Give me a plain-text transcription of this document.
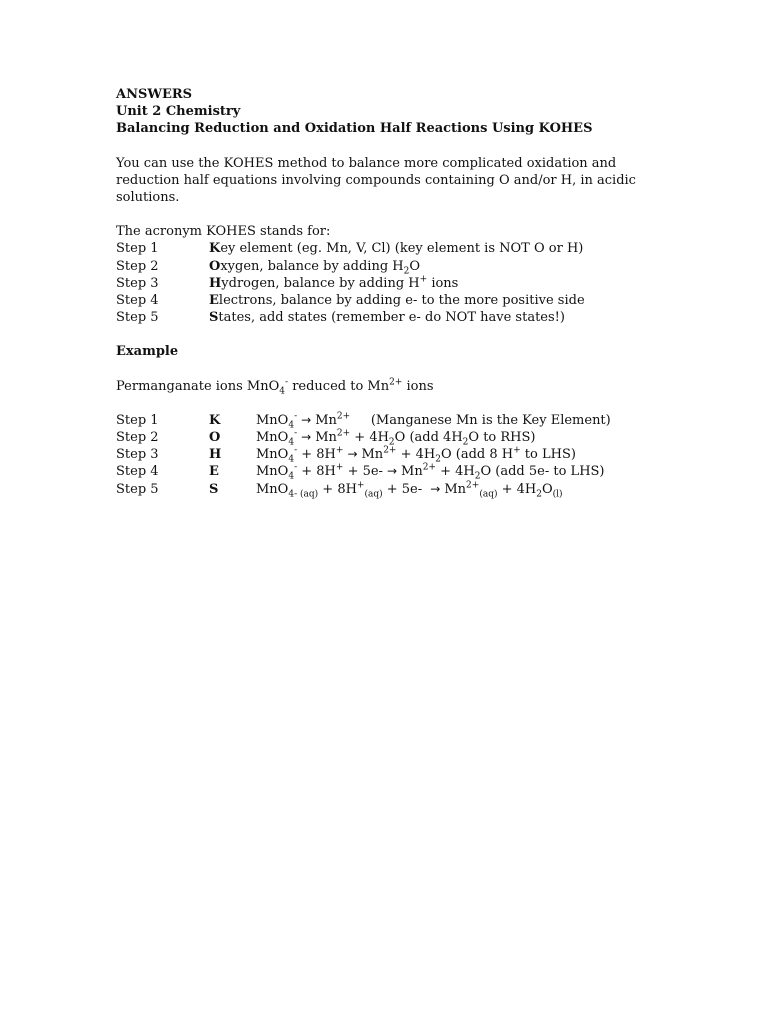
ANSWERS
Unit 2 Chemistry
Balancing Reduction and Oxidation Half Reactions Using KOHES
You can use the KOHES method to balance more complicated oxidation and
reduction half equations involving compounds containing O and/or H, in acidic
solutions.
The acronym KOHES stands for:
Step 1	Key element (eg. Mn, V, Cl) (key element is NOT O or H)
Step 2	Oxygen, balance by adding $H_2O$
Step 3	Hydrogen, balance by adding H+ ions
Step 4	Electrons, balance by adding e- to the more positive side
Step 5	States, add states (remember e- do NOT have states!)
Example
Permanganate ions MnO$_4$- reduced to $Mn^{2+}$ ions
Step 1	K	$MnO_4^- \to Mn^{2+}$ (Manganese Mn is the Key Element)
Step 2	O	$MnO_4^- \to Mn^{2+} + 4H_2O$ (add $4H_2O$ to RHS)
Step 3	H	$MnO_4^- + 8H^+ \to Mn^{2+} + 4H_2O$ (add 8 H+ to LHS)
Step 4	E	$MnO_4^- + 8H^+ + 5e- \to Mn^{2+} + 4H_2O$ (add 5e- to LHS)
Step 5	S	$MnO_{4- (aq)} + 8H^+_{(aq)} + 5e- \to Mn^{2+}_{(aq)} + 4H_2O_{(l)}$
